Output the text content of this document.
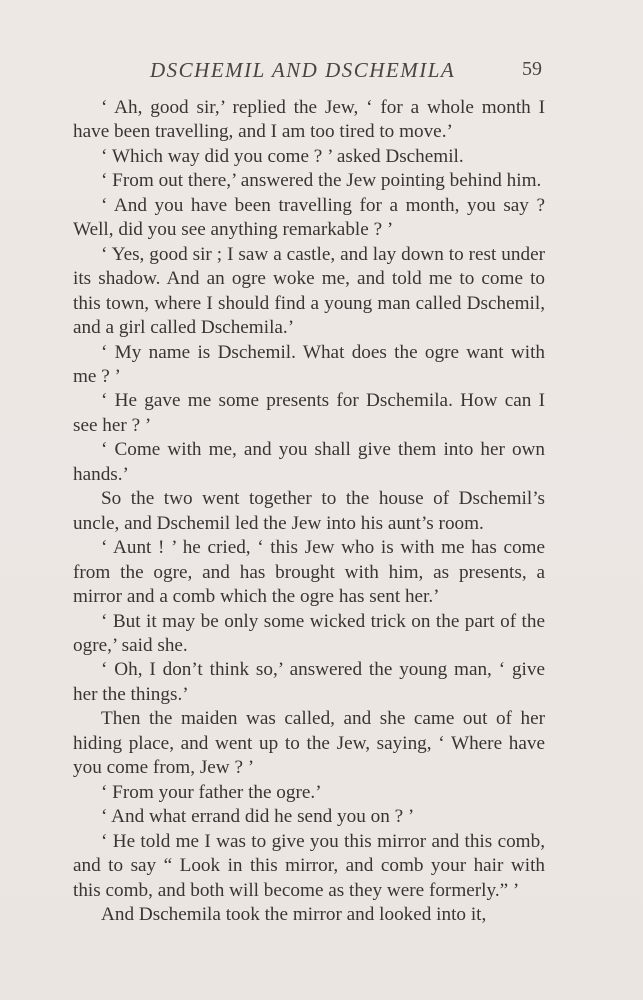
DSCHEMIL AND DSCHEMILA	59

‘ Ah, good sir,’ replied the Jew, ‘ for a whole month I have been travelling, and I am too tired to move.’

‘ Which way did you come ? ’ asked Dschemil.

‘ From out there,’ answered the Jew pointing behind him.

‘ And you have been travelling for a month, you say ? Well, did you see anything remarkable ? ’

‘ Yes, good sir ; I saw a castle, and lay down to rest under its shadow. And an ogre woke me, and told me to come to this town, where I should find a young man called Dschemil, and a girl called Dschemila.’

‘ My name is Dschemil. What does the ogre want with me ? ’

‘ He gave me some presents for Dschemila. How can I see her ? ’

‘ Come with me, and you shall give them into her own hands.’

So the two went together to the house of Dschemil’s uncle, and Dschemil led the Jew into his aunt’s room.

‘ Aunt ! ’ he cried, ‘ this Jew who is with me has come from the ogre, and has brought with him, as presents, a mirror and a comb which the ogre has sent her.’

‘ But it may be only some wicked trick on the part of the ogre,’ said she.

‘ Oh, I don’t think so,’ answered the young man, ‘ give her the things.’

Then the maiden was called, and she came out of her hiding place, and went up to the Jew, saying, ‘ Where have you come from, Jew ? ’

‘ From your father the ogre.’

‘ And what errand did he send you on ? ’

‘ He told me I was to give you this mirror and this comb, and to say “ Look in this mirror, and comb your hair with this comb, and both will become as they were formerly.” ’

And Dschemila took the mirror and looked into it,
